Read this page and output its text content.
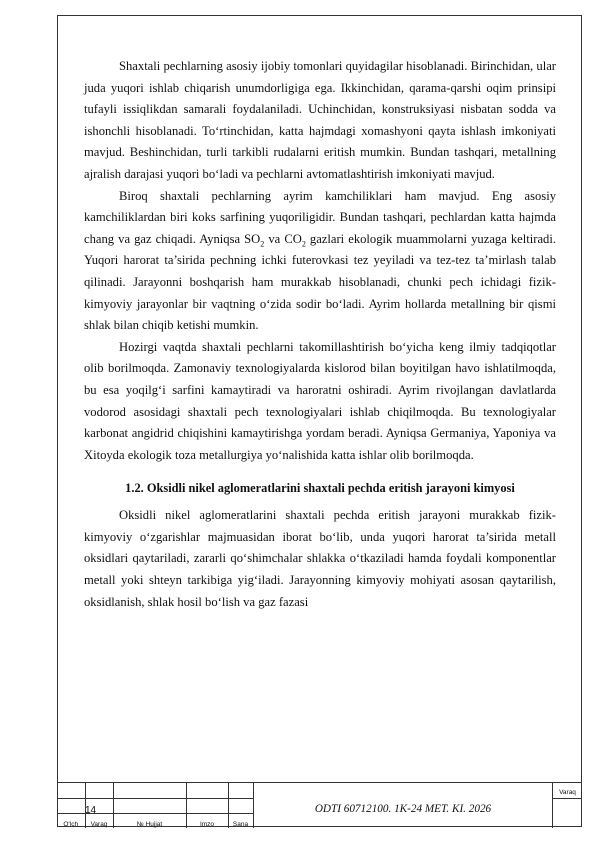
Shaxtali pechlarning asosiy ijobiy tomonlari quyidagilar hisoblanadi. Birinchidan, ular juda yuqori ishlab chiqarish unumdorligiga ega. Ikkinchidan, qarama-qarshi oqim prinsipi tufayli issiqlikdan samarali foydalaniladi. Uchinchidan, konstruksiyasi nisbatan sodda va ishonchli hisoblanadi. To‘rtinchidan, katta hajmdagi xomashyoni qayta ishlash imkoniyati mavjud. Beshinchidan, turli tarkibli rudalarni eritish mumkin. Bundan tashqari, metallning ajralish darajasi yuqori bo‘ladi va pechlarni avtomatlashtirish imkoniyati mavjud.

Biroq shaxtali pechlarning ayrim kamchiliklari ham mavjud. Eng asosiy kamchiliklardan biri koks sarfining yuqoriligidir. Bundan tashqari, pechlardan katta hajmda chang va gaz chiqadi. Ayniqsa $SO_2$ va $CO_2$ gazlari ekologik muammolarni yuzaga keltiradi. Yuqori harorat ta’sirida pechning ichki futerovkasi tez yeyiladi va tez-tez ta’mirlash talab qilinadi. Jarayonni boshqarish ham murakkab hisoblanadi, chunki pech ichidagi fizik-kimyoviy jarayonlar bir vaqtning o‘zida sodir bo‘ladi. Ayrim hollarda metallning bir qismi shlak bilan chiqib ketishi mumkin.

Hozirgi vaqtda shaxtali pechlarni takomillashtirish bo‘yicha keng ilmiy tadqiqotlar olib borilmoqda. Zamonaviy texnologiyalarda kislorod bilan boyitilgan havo ishlatilmoqda, bu esa yoqilg‘i sarfini kamaytiradi va haroratni oshiradi. Ayrim rivojlangan davlatlarda vodorod asosidagi shaxtali pech texnologiyalari ishlab chiqilmoqda. Bu texnologiyalar karbonat angidrid chiqishini kamaytirishga yordam beradi. Ayniqsa Germaniya, Yaponiya va Xitoyda ekologik toza metallurgiya yo‘nalishida katta ishlar olib borilmoqda.

1.2. Oksidli nikel aglomeratlarini shaxtali pechda eritish jarayoni kimyosi

Oksidli nikel aglomeratlarini shaxtali pechda eritish jarayoni murakkab fizik-kimyoviy o‘zgarishlar majmuasidan iborat bo‘lib, unda yuqori harorat ta’sirida metall oksidlari qaytariladi, zararli qo‘shimchalar shlakka o‘tkaziladi hamda foydali komponentlar metall yoki shteyn tarkibiga yig‘iladi. Jarayonning kimyoviy mohiyati asosan qaytarilish, oksidlanish, shlak hosil bo‘lish va gaz fazasi

O‘lch	Varaq	№ Hujjat	Imzo	Sana
14	ODTI 60712100. 1K-24 MET. KI. 2026
Varaq
